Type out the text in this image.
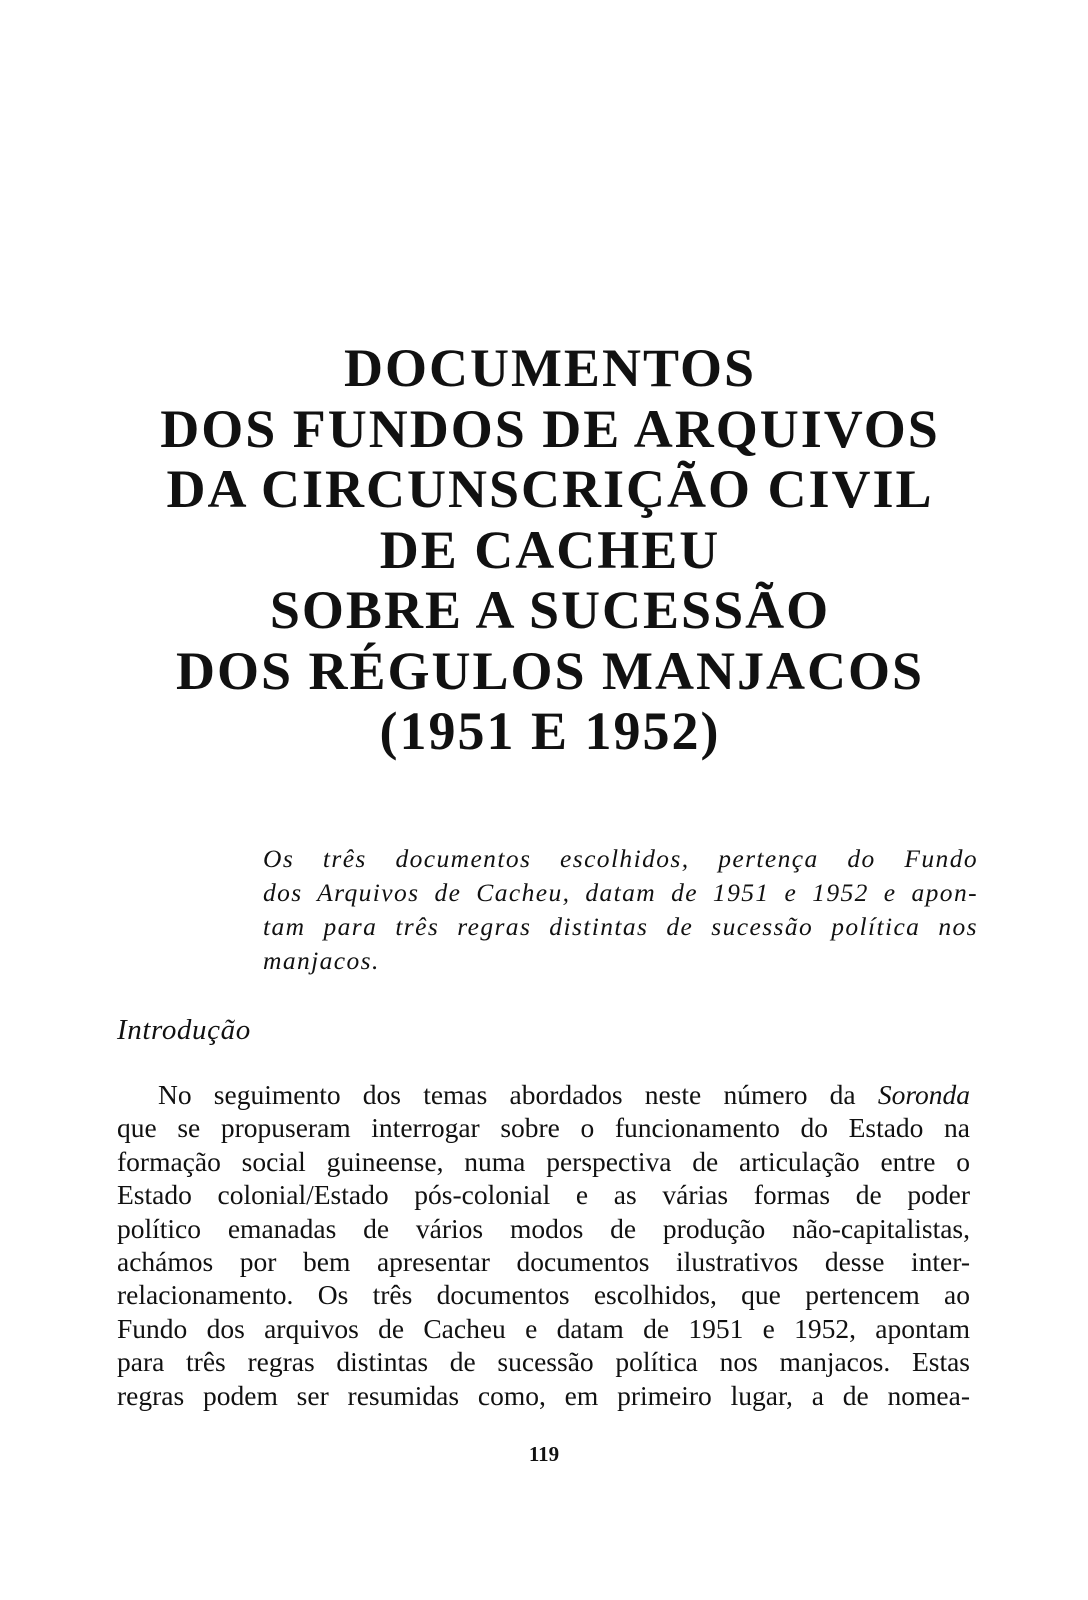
DOCUMENTOS
DOS FUNDOS DE ARQUIVOS
DA CIRCUNSCRIÇÃO CIVIL
DE CACHEU
SOBRE A SUCESSÃO
DOS RÉGULOS MANJACOS
(1951 E 1952)
Os três documentos escolhidos, pertença do Fundo
dos Arquivos de Cacheu, datam de 1951 e 1952 e apon-
tam para três regras distintas de sucessão política nos
manjacos.
Introdução
No seguimento dos temas abordados neste número da Soronda
que se propuseram interrogar sobre o funcionamento do Estado na
formação social guineense, numa perspectiva de articulação entre o
Estado colonial/Estado pós-colonial e as várias formas de poder
político emanadas de vários modos de produção não-capitalistas,
achámos por bem apresentar documentos ilustrativos desse inter-
relacionamento. Os três documentos escolhidos, que pertencem ao
Fundo dos arquivos de Cacheu e datam de 1951 e 1952, apontam
para três regras distintas de sucessão política nos manjacos. Estas
regras podem ser resumidas como, em primeiro lugar, a de nomea-
119
